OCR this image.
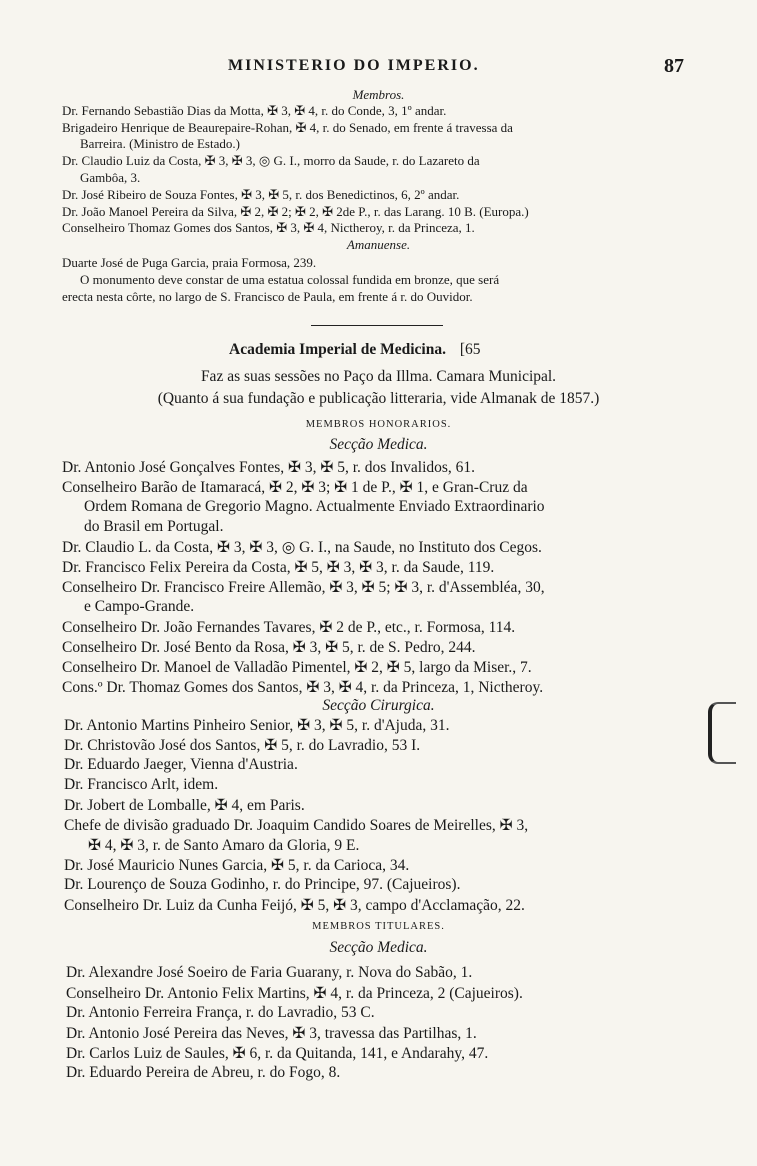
MINISTERIO DO IMPERIO.	87
Membros.
Dr. Fernando Sebastião Dias da Motta, ✠ 3, ✠ 4, r. do Conde, 3, 1º andar.
Brigadeiro Henrique de Beaurepaire-Rohan, ✠ 4, r. do Senado, em frente á travessa da
Barreira. (Ministro de Estado.)
Dr. Claudio Luiz da Costa, ✠ 3, ✠ 3, ◎ G. I., morro da Saude, r. do Lazareto da
Gambôa, 3.
Dr. José Ribeiro de Souza Fontes, ✠ 3, ✠ 5, r. dos Benedictinos, 6, 2º andar.
Dr. João Manoel Pereira da Silva, ✠ 2, ✠ 2; ✠ 2, ✠ 2de P., r. das Larang. 10 B. (Europa.)
Conselheiro Thomaz Gomes dos Santos, ✠ 3, ✠ 4, Nictheroy, r. da Princeza, 1.
Amanuense.
Duarte José de Puga Garcia, praia Formosa, 239.
O monumento deve constar de uma estatua colossal fundida em bronze, que será
erecta nesta côrte, no largo de S. Francisco de Paula, em frente á r. do Ouvidor.
Academia Imperial de Medicina. [65
Faz as suas sessões no Paço da Illma. Camara Municipal.
(Quanto á sua fundação e publicação litteraria, vide Almanak de 1857.)
MEMBROS HONORARIOS.
Secção Medica.
Dr. Antonio José Gonçalves Fontes, ✠ 3, ✠ 5, r. dos Invalidos, 61.
Conselheiro Barão de Itamaracá, ✠ 2, ✠ 3; ✠ 1 de P., ✠ 1, e Gran-Cruz da
Ordem Romana de Gregorio Magno. Actualmente Enviado Extraordinario
do Brasil em Portugal.
Dr. Claudio L. da Costa, ✠ 3, ✠ 3, ◎ G. I., na Saude, no Instituto dos Cegos.
Dr. Francisco Felix Pereira da Costa, ✠ 5, ✠ 3, ✠ 3, r. da Saude, 119.
Conselheiro Dr. Francisco Freire Allemão, ✠ 3, ✠ 5; ✠ 3, r. d'Assembléa, 30,
e Campo-Grande.
Conselheiro Dr. João Fernandes Tavares, ✠ 2 de P., etc., r. Formosa, 114.
Conselheiro Dr. José Bento da Rosa, ✠ 3, ✠ 5, r. de S. Pedro, 244.
Conselheiro Dr. Manoel de Valladão Pimentel, ✠ 2, ✠ 5, largo da Miser., 7.
Cons.º Dr. Thomaz Gomes dos Santos, ✠ 3, ✠ 4, r. da Princeza, 1, Nictheroy.
Secção Cirurgica.
Dr. Antonio Martins Pinheiro Senior, ✠ 3, ✠ 5, r. d'Ajuda, 31.
Dr. Christovão José dos Santos, ✠ 5, r. do Lavradio, 53 I.
Dr. Eduardo Jaeger, Vienna d'Austria.
Dr. Francisco Arlt, idem.
Dr. Jobert de Lomballe, ✠ 4, em Paris.
Chefe de divisão graduado Dr. Joaquim Candido Soares de Meirelles, ✠ 3,
✠ 4, ✠ 3, r. de Santo Amaro da Gloria, 9 E.
Dr. José Mauricio Nunes Garcia, ✠ 5, r. da Carioca, 34.
Dr. Lourenço de Souza Godinho, r. do Principe, 97. (Cajueiros).
Conselheiro Dr. Luiz da Cunha Feijó, ✠ 5, ✠ 3, campo d'Acclamação, 22.
MEMBROS TITULARES.
Secção Medica.
Dr. Alexandre José Soeiro de Faria Guarany, r. Nova do Sabão, 1.
Conselheiro Dr. Antonio Felix Martins, ✠ 4, r. da Princeza, 2 (Cajueiros).
Dr. Antonio Ferreira França, r. do Lavradio, 53 C.
Dr. Antonio José Pereira das Neves, ✠ 3, travessa das Partilhas, 1.
Dr. Carlos Luiz de Saules, ✠ 6, r. da Quitanda, 141, e Andarahy, 47.
Dr. Eduardo Pereira de Abreu, r. do Fogo, 8.
